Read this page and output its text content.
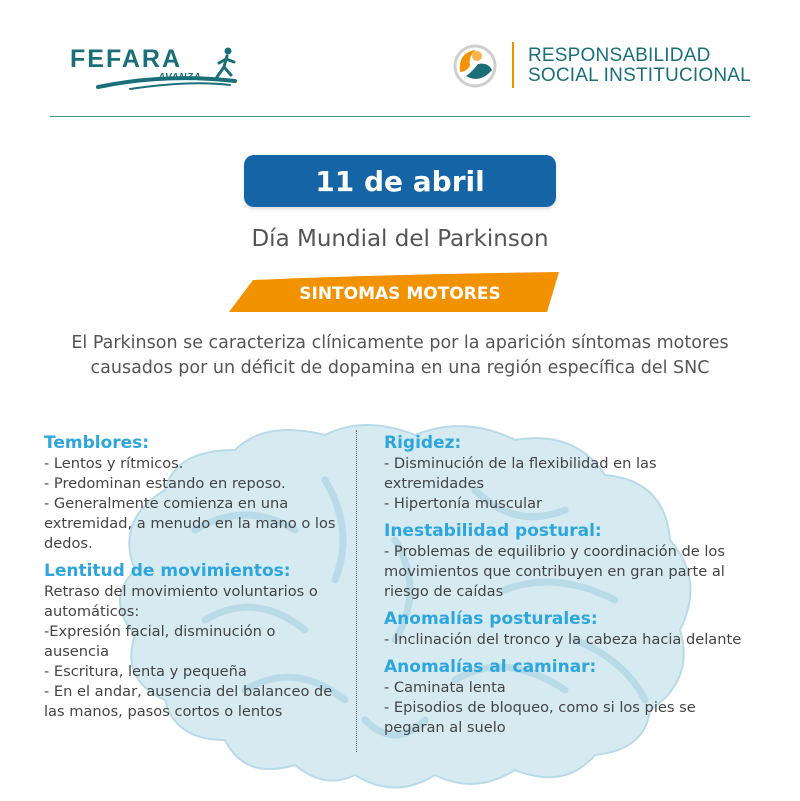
FEFARA
AVANZA
RESPONSABILIDAD
SOCIAL INSTITUCIONAL
11 de abril
Día Mundial del Parkinson
SINTOMAS MOTORES
El Parkinson se caracteriza clínicamente por la aparición síntomas motores causados por un déficit de dopamina en una región específica del SNC
Temblores:
- Lentos y rítmicos.
- Predominan estando en reposo.
- Generalmente comienza en una extremidad, a menudo en la mano o los dedos.
Lentitud de movimientos:
Retraso del movimiento voluntarios o automáticos:
-Expresión facial, disminución o ausencia
- Escritura, lenta y pequeña
- En el andar, ausencia del balanceo de las manos, pasos cortos o lentos
Rigidez:
- Disminución de la flexibilidad en las extremidades
- Hipertonía muscular
Inestabilidad postural:
- Problemas de equilibrio y coordinación de los movimientos que contribuyen en gran parte al riesgo de caídas
Anomalías posturales:
- Inclinación del tronco y la cabeza hacia delante
Anomalías al caminar:
- Caminata lenta
- Episodios de bloqueo, como si los pies se pegaran al suelo
